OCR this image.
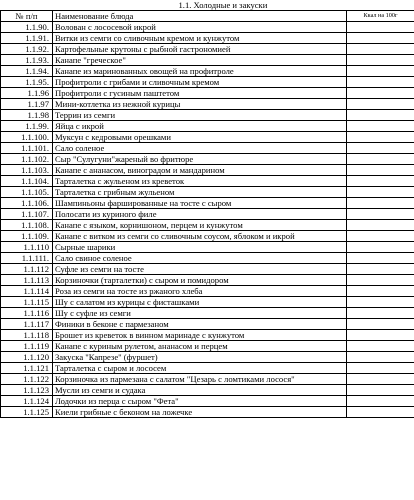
	1.1. Холодные и закуски	
№ п/п	Наименование блюда	Ккал на 100г
1.1.90.	Волован с лососевой икрой	
1.1.91.	Витки из семги со сливочным кремом и кунжутом	
1.1.92.	Картофельные крутоны с рыбной гастрономией	
1.1.93.	Канапе "греческое"	
1.1.94.	Канапе из маринованных овощей на профитроле	
1.1.95.	Профитроли с грибами и сливочным кремом	
1.1.96	Профитроли с гусиным паштетом	
1.1.97	Мини-котлетка из нежной курицы	
1.1.98	Террин из семги	
1.1.99.	Яйца с икрой	
1.1.100.	Муксун с кедровыми орешками	
1.1.101.	Сало соленое	
1.1.102.	Сыр "Сулугуни"жареный во фритюре	
1.1.103.	Канапе с ананасом, виноградом и мандарином	
1.1.104.	Тарталетка с жульеном из креветок	
1.1.105.	Тарталетка с грибным жульеном	
1.1.106.	Шампиньоны фаршированные на тосте с сыром	
1.1.107.	Полосати из куриного филе	
1.1.108.	Канапе с языком, корнишоном, перцем и кунжутом	
1.1.109.	Канапе с витком из семги со сливочным соусом, яблоком и икрой	
1.1.110	Сырные шарики	
1.1.111.	Сало свиное соленое	
1.1.112	Суфле из семги на тосте	
1.1.113	Корзиночки (тарталетки) с сыром и помидором	
1.1.114	Роза из семги на тосте из ржаного хлеба	
1.1.115	Шу с салатом из курицы с фисташками	
1.1.116	Шу с суфле из семги	
1.1.117	Финики в беконе с пармезаном	
1.1.118	Брошет из креветок в винном маринаде с кунжутом	
1.1.119	Канапе с куриным рулетом, ананасом и перцем	
1.1.120	Закуска "Капрезе" (фуршет)	
1.1.121	Тарталетка с сыром и лососем	
1.1.122	Корзиночка из пармезана с салатом "Цезарь с ломтиками лосося"	
1.1.123	Мусли из семги и судака	
1.1.124	Лодочки из перца с сыром "Фета"	
1.1.125	Киели грибные с беконом на ложечке	
